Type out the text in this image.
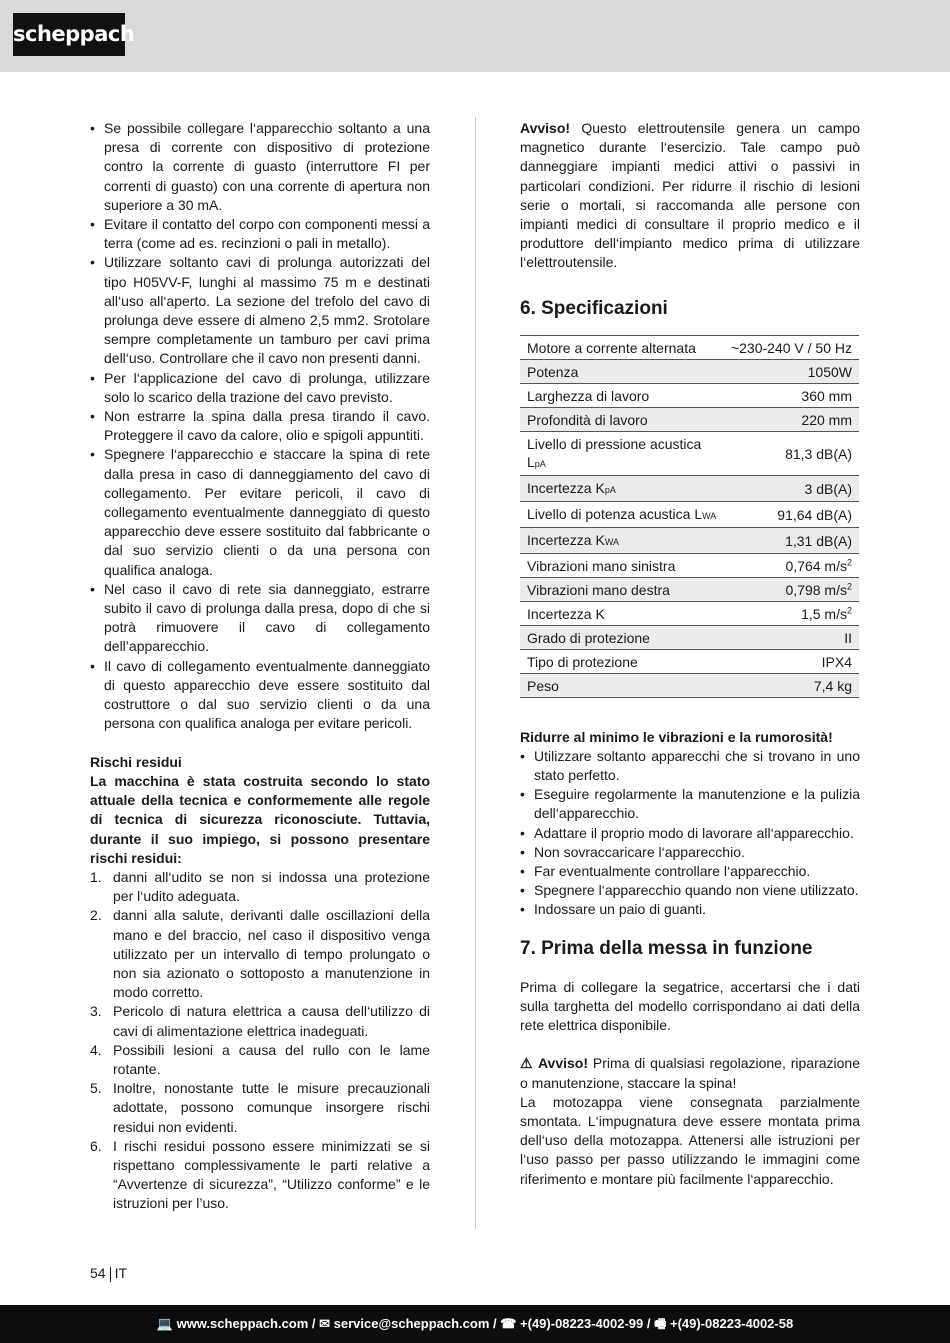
scheppach
• Se possibile collegare l‘apparecchio soltanto a una presa di corrente con dispositivo di protezione contro la corrente di guasto (interruttore FI per correnti di guasto) con una corrente di apertura non superiore a 30 mA.
• Evitare il contatto del corpo con componenti messi a terra (come ad es. recinzioni o pali in metallo).
• Utilizzare soltanto cavi di prolunga autorizzati del tipo H05VV-F, lunghi al massimo 75 m e destinati all‘uso all‘aperto. La sezione del trefolo del cavo di prolunga deve essere di almeno 2,5 mm2. Srotolare sempre completamente un tamburo per cavi prima dell‘uso. Controllare che il cavo non presenti danni.
• Per l‘applicazione del cavo di prolunga, utilizzare solo lo scarico della trazione del cavo previsto.
• Non estrarre la spina dalla presa tirando il cavo. Proteggere il cavo da calore, olio e spigoli appuntiti.
• Spegnere l‘apparecchio e staccare la spina di rete dalla presa in caso di danneggiamento del cavo di collegamento. Per evitare pericoli, il cavo di collegamento eventualmente danneggiato di questo apparecchio deve essere sostituito dal fabbricante o dal suo servizio clienti o da una persona con qualifica analoga.
• Nel caso il cavo di rete sia danneggiato, estrarre subito il cavo di prolunga dalla presa, dopo di che si potrà rimuovere il cavo di collegamento dell’apparecchio.
• Il cavo di collegamento eventualmente danneggiato di questo apparecchio deve essere sostituito dal costruttore o dal suo servizio clienti o da una persona con qualifica analoga per evitare pericoli.
Rischi residui
La macchina è stata costruita secondo lo stato attuale della tecnica e conformemente alle regole di tecnica di sicurezza riconosciute. Tuttavia, durante il suo impiego, si possono presentare rischi residui:
1. danni all‘udito se non si indossa una protezione per l‘udito adeguata.
2. danni alla salute, derivanti dalle oscillazioni della mano e del braccio, nel caso il dispositivo venga utilizzato per un intervallo di tempo prolungato o non sia azionato o sottoposto a manutenzione in modo corretto.
3. Pericolo di natura elettrica a causa dell‘utilizzo di cavi di alimentazione elettrica inadeguati.
4. Possibili lesioni a causa del rullo con le lame rotante.
5. Inoltre, nonostante tutte le misure precauzionali adottate, possono comunque insorgere rischi residui non evidenti.
6. I rischi residui possono essere minimizzati se si rispettano complessivamente le parti relative a “Avvertenze di sicurezza”, “Utilizzo conforme” e le istruzioni per l’uso.
Avviso! Questo elettroutensile genera un campo magnetico durante l‘esercizio. Tale campo può danneggiare impianti medici attivi o passivi in particolari condizioni. Per ridurre il rischio di lesioni serie o mortali, si raccomanda alle persone con impianti medici di consultare il proprio medico e il produttore dell‘impianto medico prima di utilizzare l‘elettroutensile.
6. Specificazioni
Motore a corrente alternata	~230-240 V / 50 Hz
Potenza	1050W
Larghezza di lavoro	360 mm
Profondità di lavoro	220 mm
Livello di pressione acustica LpA	81,3 dB(A)
Incertezza KpA	3 dB(A)
Livello di potenza acustica LWA	91,64 dB(A)
Incertezza KWA	1,31 dB(A)
Vibrazioni mano sinistra	0,764 $m/s^2$
Vibrazioni mano destra	0,798 $m/s^2$
Incertezza K	1,5 $m/s^2$
Grado di protezione	II
Tipo di protezione	IPX4
Peso	7,4 kg
Ridurre al minimo le vibrazioni e la rumorosità!
• Utilizzare soltanto apparecchi che si trovano in uno stato perfetto.
• Eseguire regolarmente la manutenzione e la pulizia dell‘apparecchio.
• Adattare il proprio modo di lavorare all‘apparecchio.
• Non sovraccaricare l‘apparecchio.
• Far eventualmente controllare l‘apparecchio.
• Spegnere l‘apparecchio quando non viene utilizzato.
• Indossare un paio di guanti.
7. Prima della messa in funzione
Prima di collegare la segatrice, accertarsi che i dati sulla targhetta del modello corrispondano ai dati della rete elettrica disponibile.
⚠ Avviso! Prima di qualsiasi regolazione, riparazione o manutenzione, staccare la spina!
La motozappa viene consegnata parzialmente smontata. L‘impugnatura deve essere montata prima dell‘uso della motozappa. Attenersi alle istruzioni per l‘uso passo per passo utilizzando le immagini come riferimento e montare più facilmente l‘apparecchio.
54 IT
💻 www.scheppach.com / ✉ service@scheppach.com / ☎ +(49)-08223-4002-99 / 🖷 +(49)-08223-4002-58
